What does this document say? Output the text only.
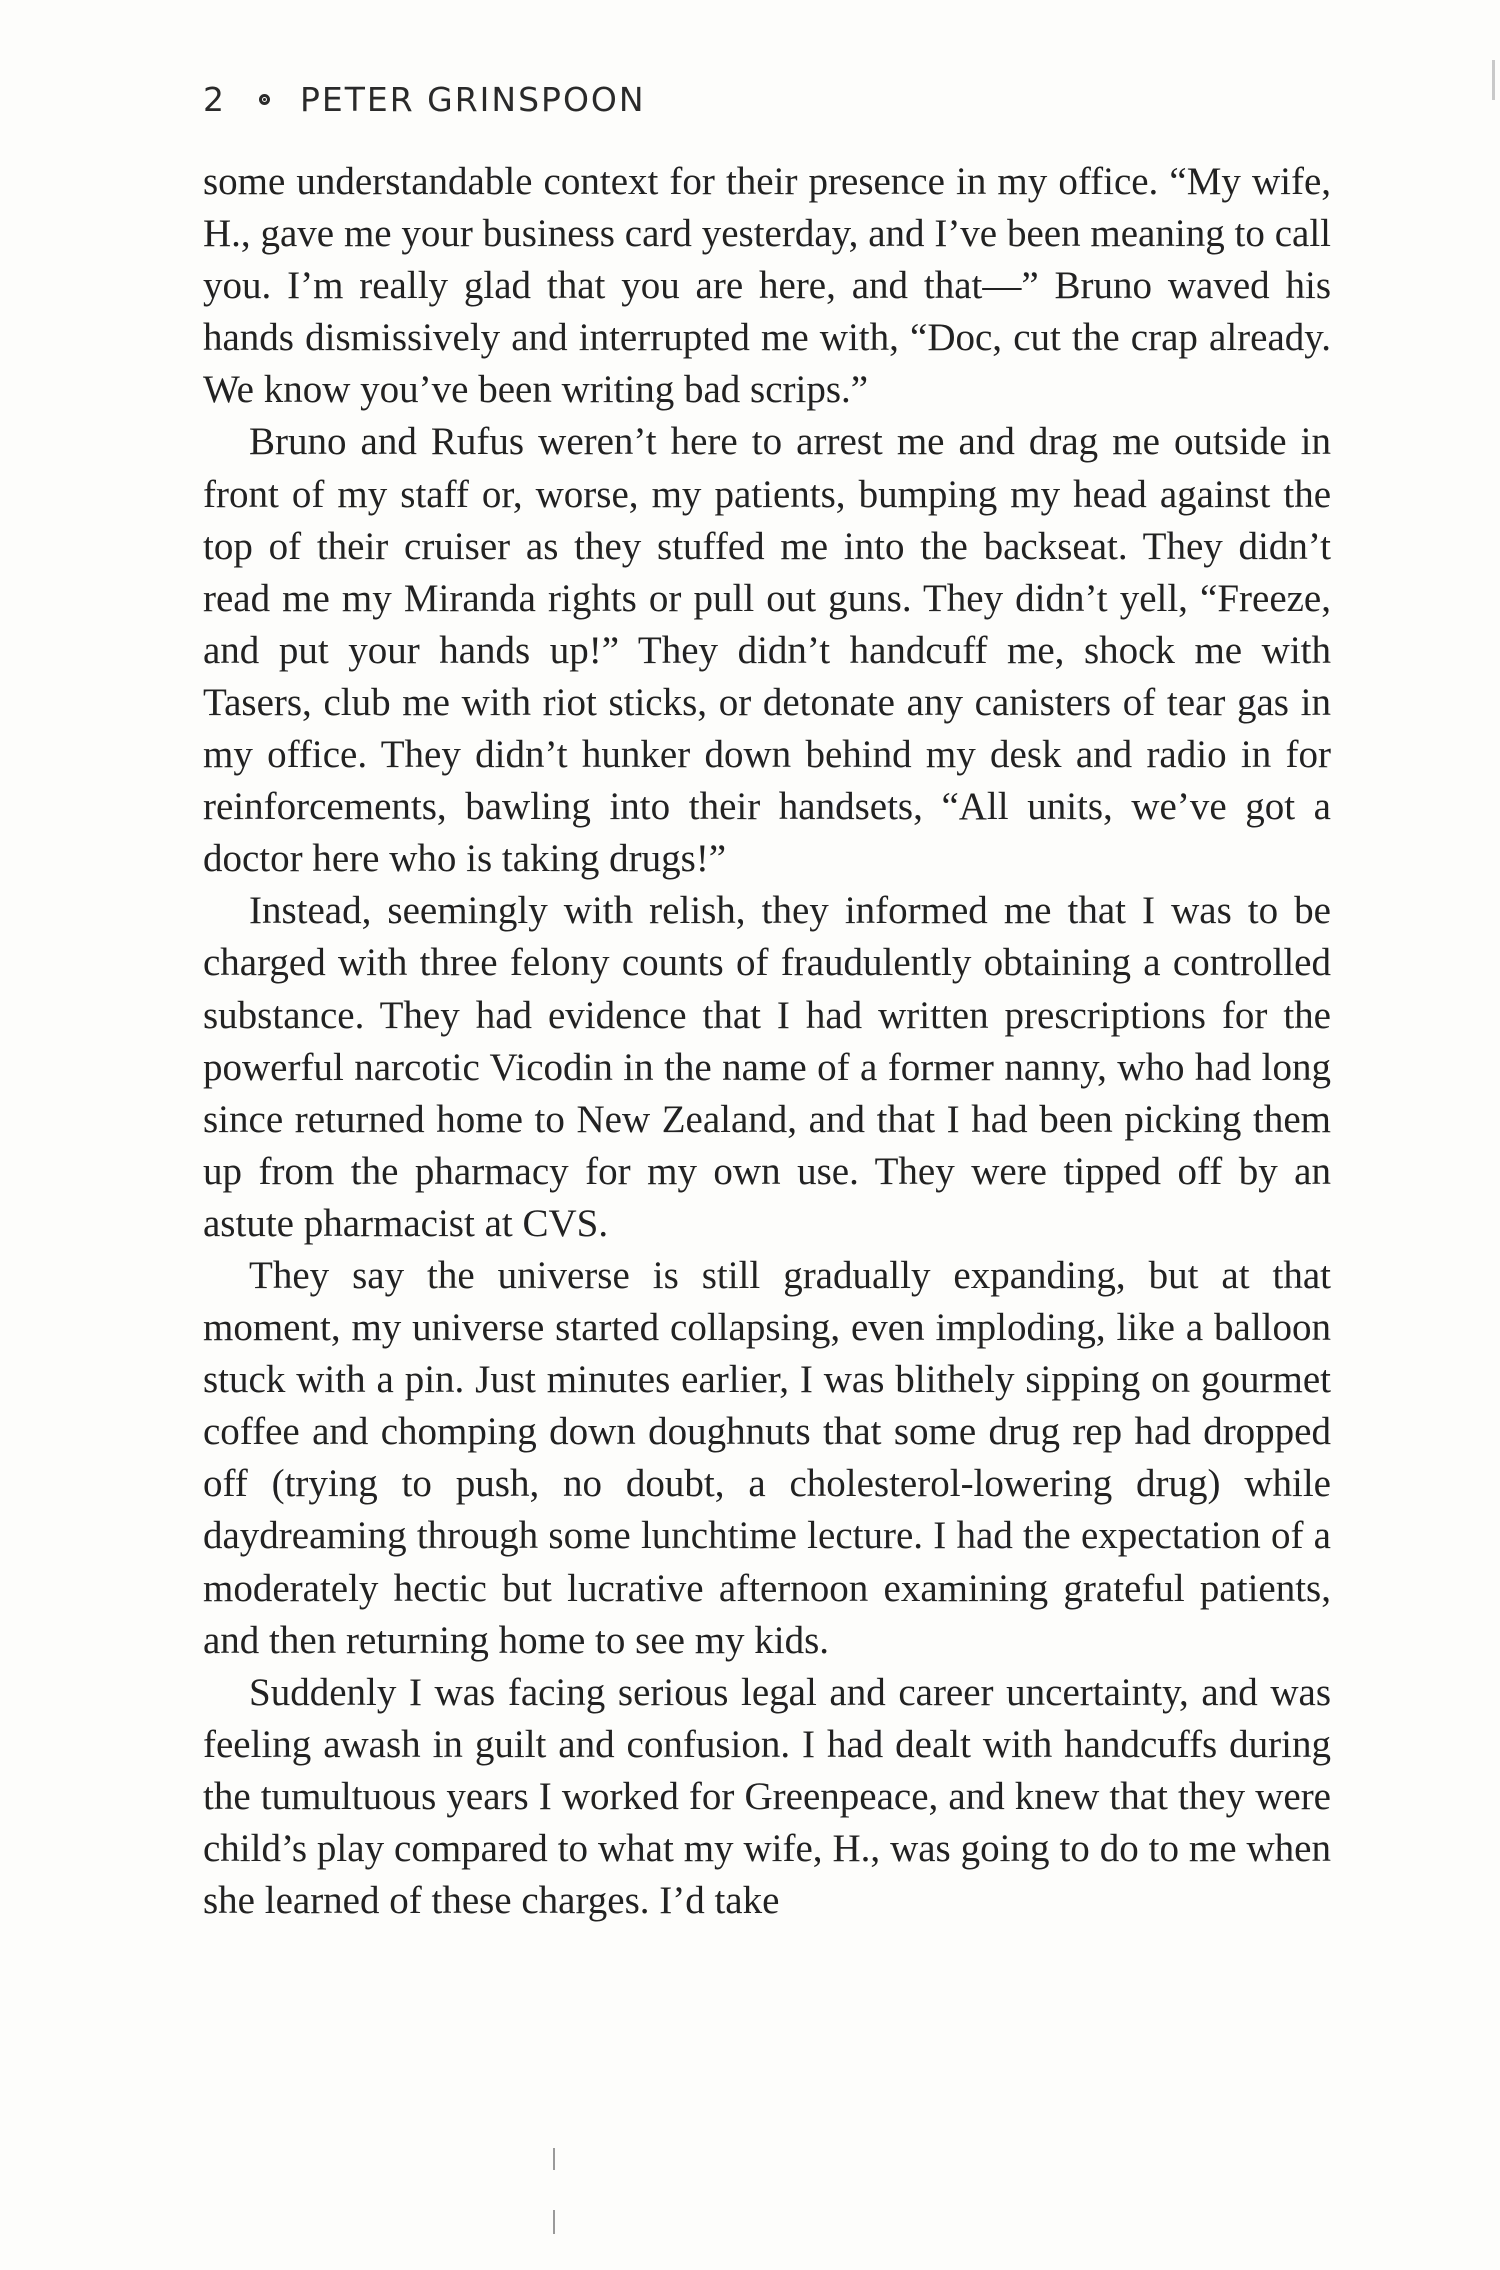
2 PETER GRINSPOON

some understandable context for their presence in my office. “My wife, H., gave me your business card yesterday, and I’ve been meaning to call you. I’m really glad that you are here, and that—” Bruno waved his hands dismissively and interrupted me with, “Doc, cut the crap already. We know you’ve been writing bad scrips.”

Bruno and Rufus weren’t here to arrest me and drag me outside in front of my staff or, worse, my patients, bumping my head against the top of their cruiser as they stuffed me into the backseat. They didn’t read me my Miranda rights or pull out guns. They didn’t yell, “Freeze, and put your hands up!” They didn’t handcuff me, shock me with Tasers, club me with riot sticks, or detonate any canisters of tear gas in my office. They didn’t hunker down behind my desk and radio in for reinforcements, bawling into their handsets, “All units, we’ve got a doctor here who is taking drugs!”

Instead, seemingly with relish, they informed me that I was to be charged with three felony counts of fraudulently obtaining a controlled substance. They had evidence that I had written prescriptions for the powerful narcotic Vicodin in the name of a former nanny, who had long since returned home to New Zealand, and that I had been picking them up from the pharmacy for my own use. They were tipped off by an astute pharmacist at CVS.

They say the universe is still gradually expanding, but at that moment, my universe started collapsing, even imploding, like a balloon stuck with a pin. Just minutes earlier, I was blithely sipping on gourmet coffee and chomping down doughnuts that some drug rep had dropped off (trying to push, no doubt, a cholesterol-lowering drug) while daydreaming through some lunchtime lecture. I had the expectation of a moderately hectic but lucrative afternoon examining grateful patients, and then returning home to see my kids.

Suddenly I was facing serious legal and career uncertainty, and was feeling awash in guilt and confusion. I had dealt with handcuffs during the tumultuous years I worked for Greenpeace, and knew that they were child’s play compared to what my wife, H., was going to do to me when she learned of these charges. I’d take
